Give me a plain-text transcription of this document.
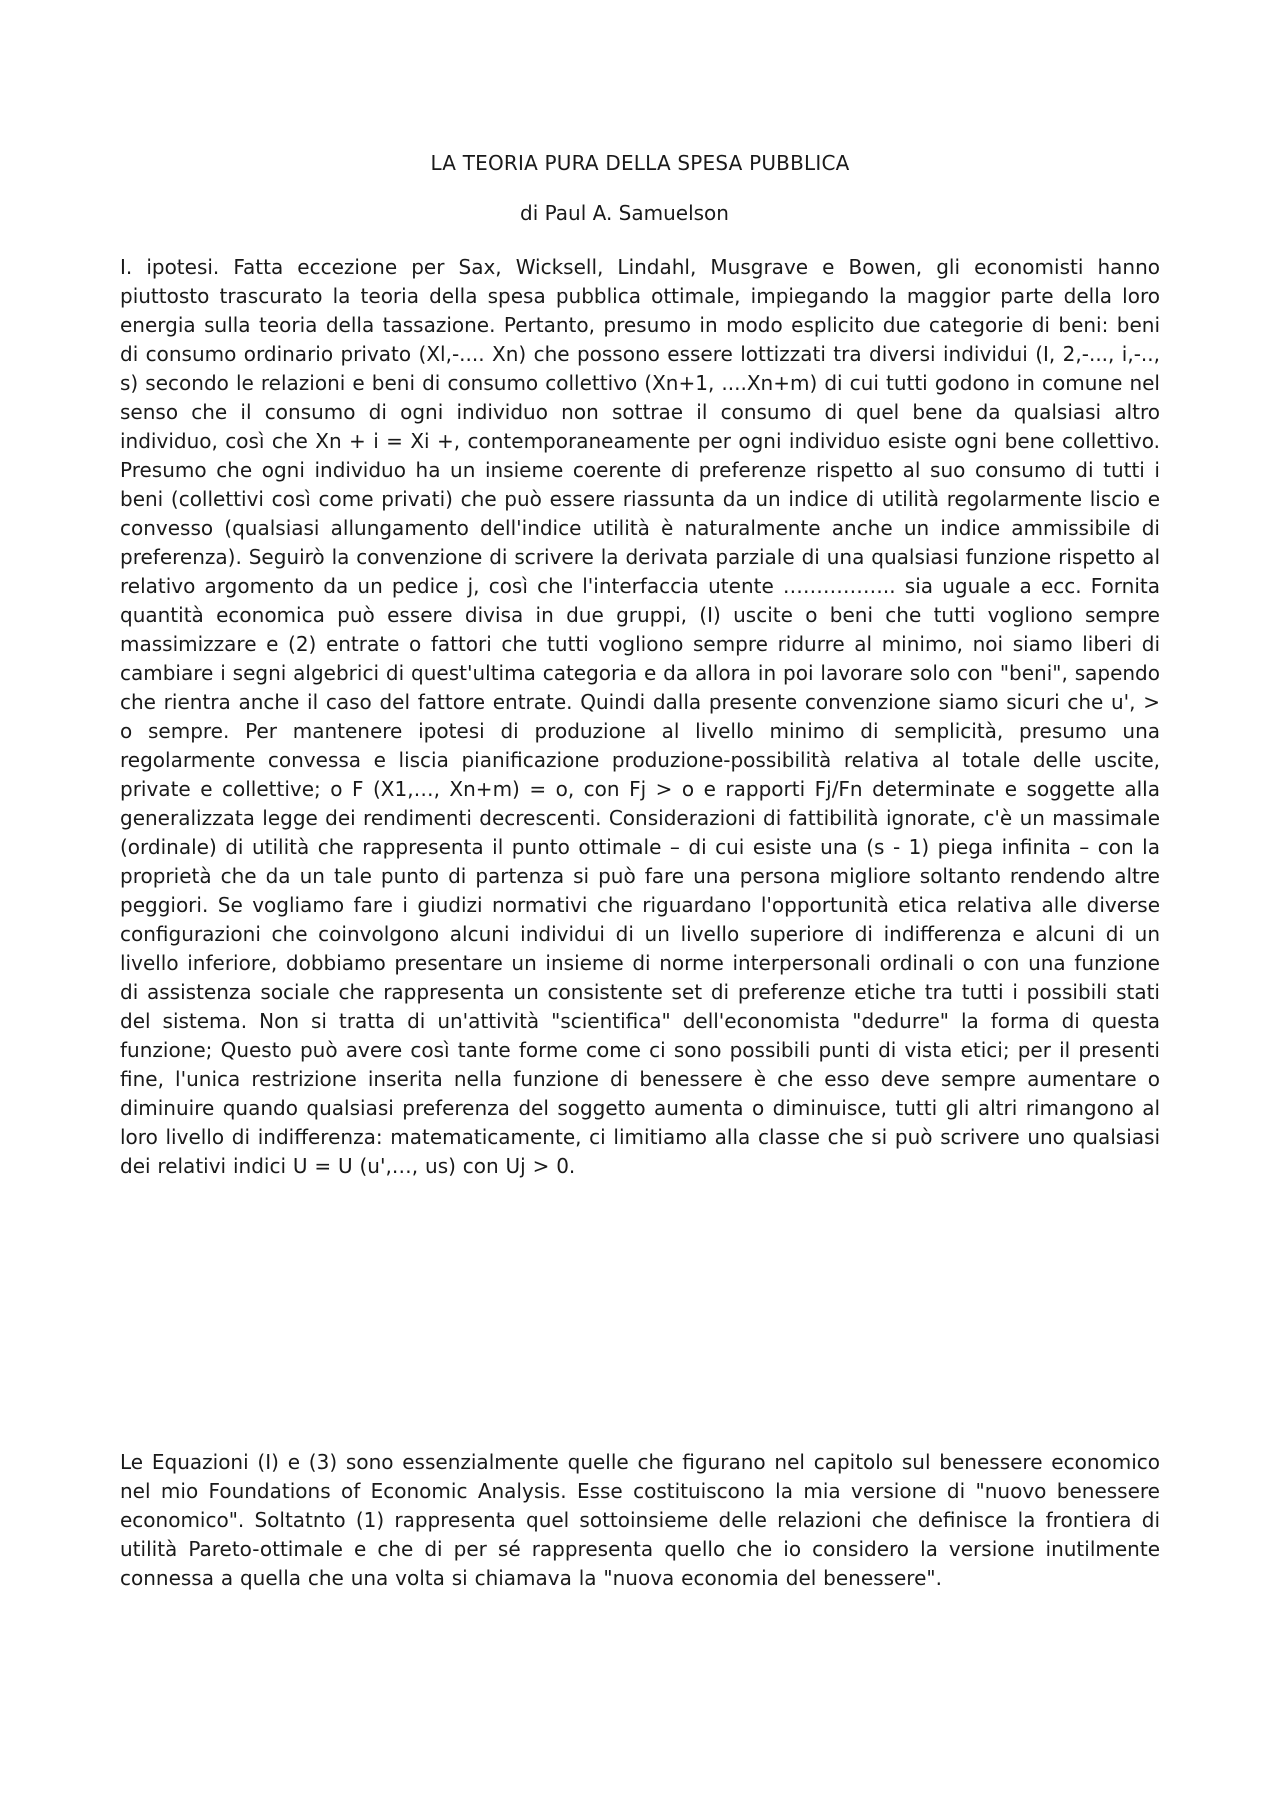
LA TEORIA PURA DELLA SPESA PUBBLICA

di Paul A. Samuelson

I. ipotesi. Fatta eccezione per Sax, Wicksell, Lindahl, Musgrave e Bowen, gli economisti hanno piuttosto trascurato la teoria della spesa pubblica ottimale, impiegando la maggior parte della loro energia sulla teoria della tassazione. Pertanto, presumo in modo esplicito due categorie di beni: beni di consumo ordinario privato (Xl,-.... Xn) che possono essere lottizzati tra diversi individui (I, 2,-..., i,-.., s) secondo le relazioni e beni di consumo collettivo (Xn+1, ....Xn+m) di cui tutti godono in comune nel senso che il consumo di ogni individuo non sottrae il consumo di quel bene da qualsiasi altro individuo, così che Xn + i = Xi +, contemporaneamente per ogni individuo esiste ogni bene collettivo. Presumo che ogni individuo ha un insieme coerente di preferenze rispetto al suo consumo di tutti i beni (collettivi così come privati) che può essere riassunta da un indice di utilità regolarmente liscio e convesso (qualsiasi allungamento dell'indice utilità è naturalmente anche un indice ammissibile di preferenza). Seguirò la convenzione di scrivere la derivata parziale di una qualsiasi funzione rispetto al relativo argomento da un pedice j, così che l'interfaccia utente …………….. sia uguale a ecc. Fornita quantità economica può essere divisa in due gruppi, (I) uscite o beni che tutti vogliono sempre massimizzare e (2) entrate o fattori che tutti vogliono sempre ridurre al minimo, noi siamo liberi di cambiare i segni algebrici di quest'ultima categoria e da allora in poi lavorare solo con "beni", sapendo che rientra anche il caso del fattore entrate. Quindi dalla presente convenzione siamo sicuri che u', > o sempre. Per mantenere ipotesi di produzione al livello minimo di semplicità, presumo una regolarmente convessa e liscia pianificazione produzione-possibilità relativa al totale delle uscite, private e collettive; o F (X1,…, Xn+m) = o, con Fj > o e rapporti Fj/Fn determinate e soggette alla generalizzata legge dei rendimenti decrescenti. Considerazioni di fattibilità ignorate, c'è un massimale (ordinale) di utilità che rappresenta il punto ottimale – di cui esiste una (s - 1) piega infinita – con la proprietà che da un tale punto di partenza si può fare una persona migliore soltanto rendendo altre peggiori. Se vogliamo fare i giudizi normativi che riguardano l'opportunità etica relativa alle diverse configurazioni che coinvolgono alcuni individui di un livello superiore di indifferenza e alcuni di un livello inferiore, dobbiamo presentare un insieme di norme interpersonali ordinali o con una funzione di assistenza sociale che rappresenta un consistente set di preferenze etiche tra tutti i possibili stati del sistema. Non si tratta di un'attività "scientifica" dell'economista "dedurre" la forma di questa funzione; Questo può avere così tante forme come ci sono possibili punti di vista etici; per il presenti fine, l'unica restrizione inserita nella funzione di benessere è che esso deve sempre aumentare o diminuire quando qualsiasi preferenza del soggetto aumenta o diminuisce, tutti gli altri rimangono al loro livello di indifferenza: matematicamente, ci limitiamo alla classe che si può scrivere uno qualsiasi dei relativi indici U = U (u',…, us) con Uj > 0.

Le Equazioni (I) e (3) sono essenzialmente quelle che figurano nel capitolo sul benessere economico nel mio Foundations of Economic Analysis. Esse costituiscono la mia versione di "nuovo benessere economico". Soltatnto (1) rappresenta quel sottoinsieme delle relazioni che definisce la frontiera di utilità Pareto-ottimale e che di per sé rappresenta quello che io considero la versione inutilmente connessa a quella che una volta si chiamava la "nuova economia del benessere".
